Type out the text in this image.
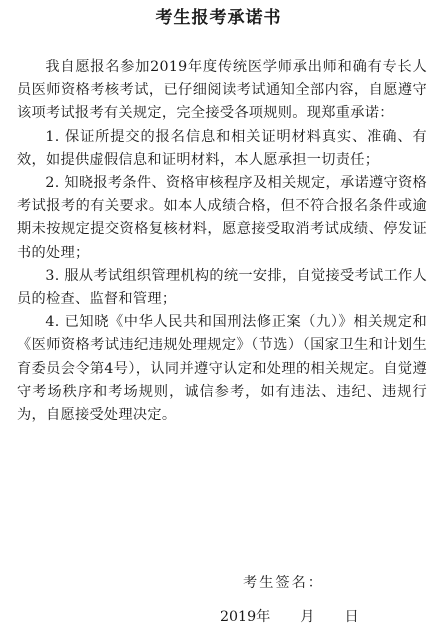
考生报考承诺书

我自愿报名参加2019年度传统医学师承出师和确有专长人员医师资格考核考试，已仔细阅读考试通知全部内容，自愿遵守该项考试报考有关规定，完全接受各项规则。现郑重承诺：

1. 保证所提交的报名信息和相关证明材料真实、准确、有效，如提供虚假信息和证明材料，本人愿承担一切责任；

2. 知晓报考条件、资格审核程序及相关规定，承诺遵守资格考试报考的有关要求。如本人成绩合格，但不符合报名条件或逾期未按规定提交资格复核材料，愿意接受取消考试成绩、停发证书的处理；

3. 服从考试组织管理机构的统一安排，自觉接受考试工作人员的检查、监督和管理；

4. 已知晓《中华人民共和国刑法修正案（九）》相关规定和《医师资格考试违纪违规处理规定》（节选）（国家卫生和计划生育委员会令第4号），认同并遵守认定和处理的相关规定。自觉遵守考场秩序和考场规则，诚信参考，如有违法、违纪、违规行为，自愿接受处理决定。

考生签名：
2019年 月 日
